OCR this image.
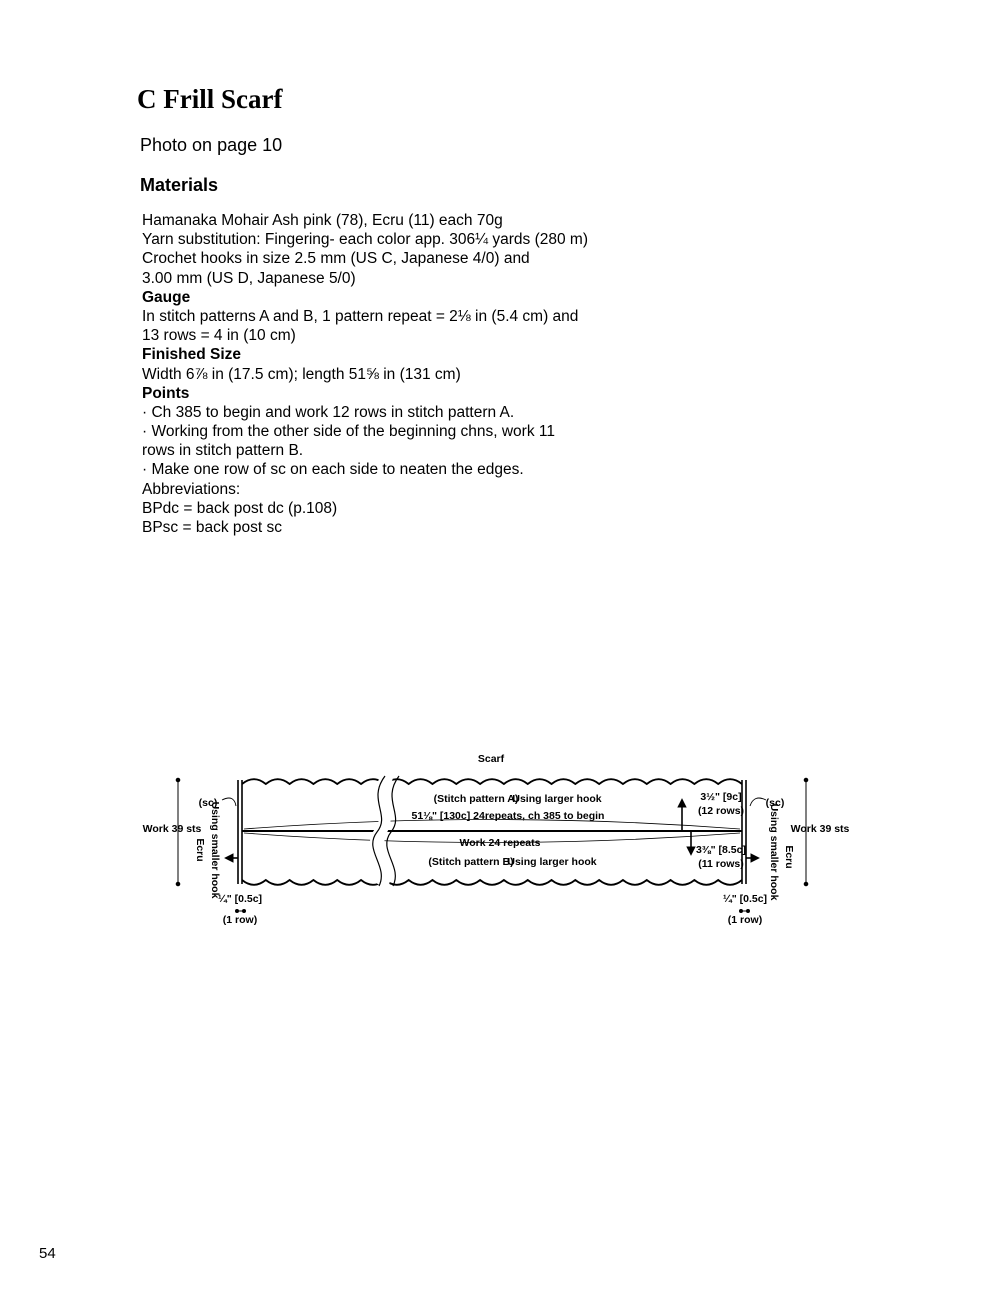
C Frill Scarf
Photo on page 10
Materials
Hamanaka Mohair Ash pink (78), Ecru (11) each 70g
Yarn substitution: Fingering- each color app. 306¼ yards (280 m)
Crochet hooks in size 2.5 mm (US C, Japanese 4/0) and
3.00 mm (US D, Japanese 5/0)
Gauge
In stitch patterns A and B, 1 pattern repeat = 2⅛ in (5.4 cm) and
13 rows = 4 in (10 cm)
Finished Size
Width 6⅞ in (17.5 cm); length 51⅝ in (131 cm)
Points
· Ch 385 to begin and work 12 rows in stitch pattern A.
· Working from the other side of the beginning chns, work 11
rows in stitch pattern B.
· Make one row of sc on each side to neaten the edges.
Abbreviations:
BPdc = back post dc (p.108)
BPsc = back post sc
Scarf
(sc)	(sc)
Work 39 sts	Work 39 sts
Using smaller hook
Ecru	Using smaller hook Ecru
(Stitch pattern A)
Using larger hook
51⅛" [130c] 24repeats, ch 385 to begin
Work 24 repeats
(Stitch pattern B)
Using larger hook
3½" [9c]
(12 rows)
3⅜" [8.5c]
(11 rows)
¼" [0.5c]
(1 row)
¼" [0.5c]
(1 row)
54
